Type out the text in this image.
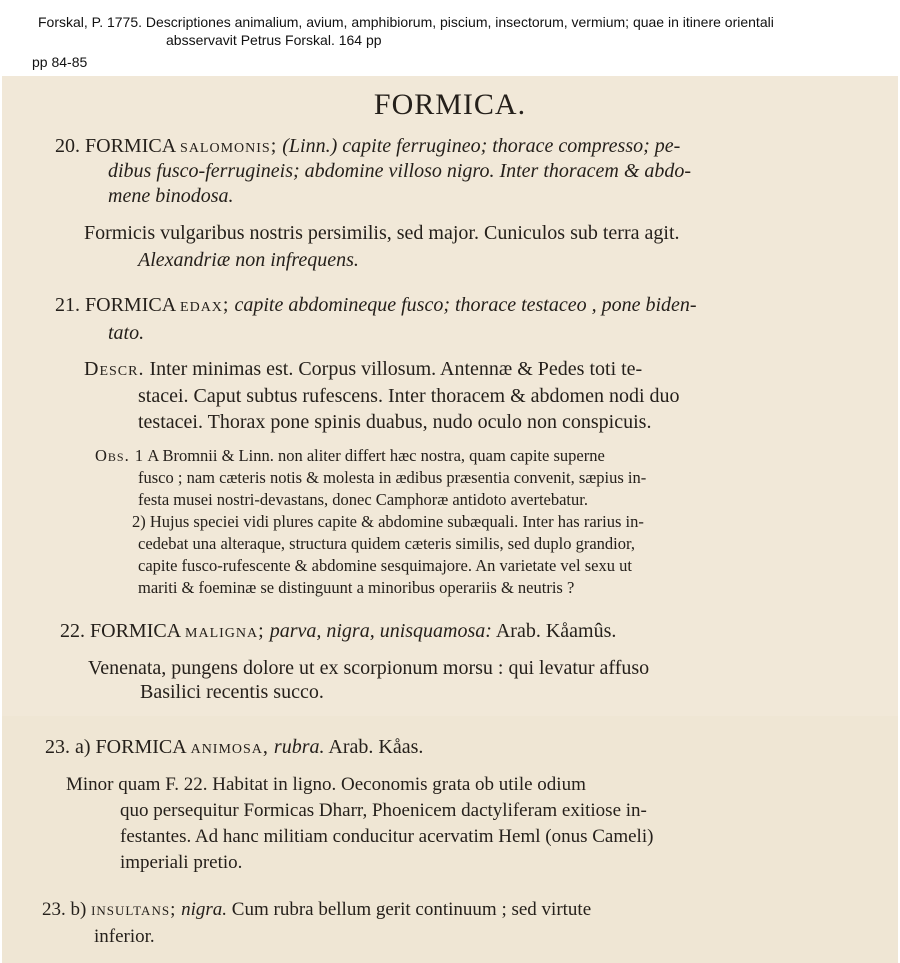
Forskal, P. 1775. Descriptiones animalium, avium, amphibiorum, piscium, insectorum, vermium; quae in itinere orientali
absservavit Petrus Forskal. 164 pp
pp 84-85
FORMICA.
20. FORMICA salomonis; (Linn.) capite ferrugineo; thorace compresso; pe-
dibus fusco-ferrugineis; abdomine villoso nigro. Inter thoracem & abdo-
mene binodosa.
Formicis vulgaribus nostris persimilis, sed major. Cuniculos sub terra agit.
Alexandriæ non infrequens.
21. FORMICA edax; capite abdomineque fusco; thorace testaceo , pone biden-
tato.
Descr. Inter minimas est. Corpus villosum. Antennæ & Pedes toti te-
stacei. Caput subtus rufescens. Inter thoracem & abdomen nodi duo
testacei. Thorax pone spinis duabus, nudo oculo non conspicuis.
Obs. 1 A Bromnii & Linn. non aliter differt hæc nostra, quam capite superne
fusco ; nam cæteris notis & molesta in ædibus præsentia convenit, sæpius in-
festa musei nostri-devastans, donec Camphoræ antidoto avertebatur.
2) Hujus speciei vidi plures capite & abdomine subæquali. Inter has rarius in-
cedebat una alteraque, structura quidem cæteris similis, sed duplo grandior,
capite fusco-rufescente & abdomine sesquimajore. An varietate vel sexu ut
mariti & foeminæ se distinguunt a minoribus operariis & neutris ?
22. FORMICA maligna; parva, nigra, unisquamosa: Arab. Kåamûs.
Venenata, pungens dolore ut ex scorpionum morsu : qui levatur affuso
Basilici recentis succo.
23. a) FORMICA animosa, rubra. Arab. Kåas.
Minor quam F. 22. Habitat in ligno. Oeconomis grata ob utile odium
quo persequitur Formicas Dharr, Phoenicem dactyliferam exitiose in-
festantes. Ad hanc militiam conducitur acervatim Heml (onus Cameli)
imperiali pretio.
23. b) insultans; nigra. Cum rubra bellum gerit continuum ; sed virtute
inferior.
